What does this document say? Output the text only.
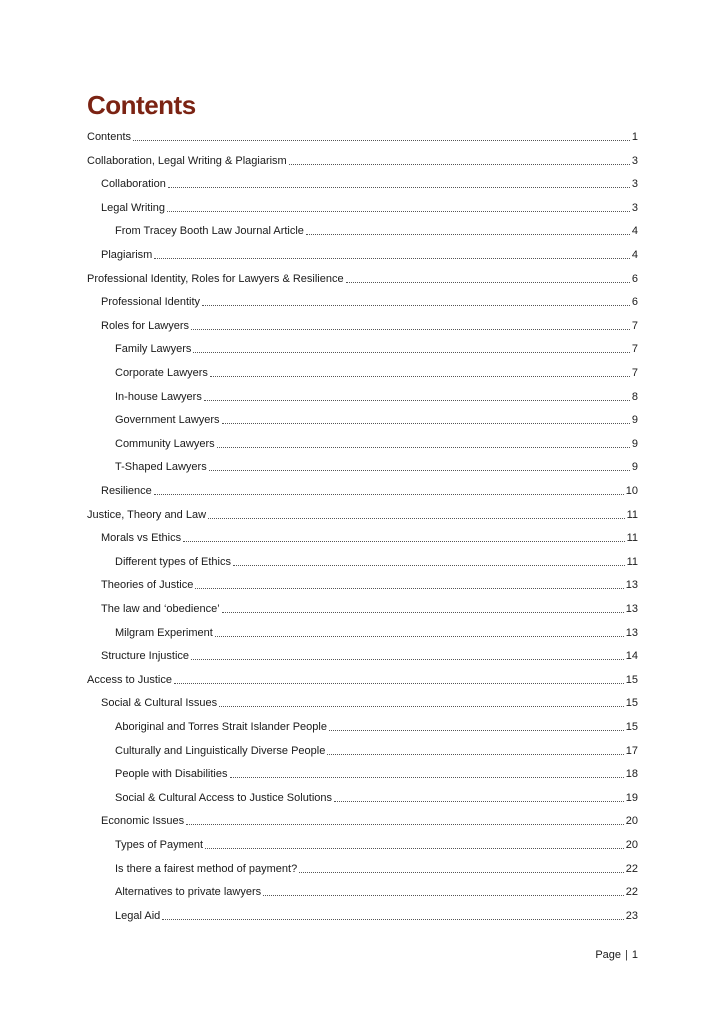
Contents
Contents	1
Collaboration, Legal Writing & Plagiarism	3
Collaboration	3
Legal Writing	3
From Tracey Booth Law Journal Article	4
Plagiarism	4
Professional Identity, Roles for Lawyers & Resilience	6
Professional Identity	6
Roles for Lawyers	7
Family Lawyers	7
Corporate Lawyers	7
In-house Lawyers	8
Government Lawyers	9
Community Lawyers	9
T-Shaped Lawyers	9
Resilience	10
Justice, Theory and Law	11
Morals vs Ethics	11
Different types of Ethics	11
Theories of Justice	13
The law and ‘obedience’	13
Milgram Experiment	13
Structure Injustice	14
Access to Justice	15
Social & Cultural Issues	15
Aboriginal and Torres Strait Islander People	15
Culturally and Linguistically Diverse People	17
People with Disabilities	18
Social & Cultural Access to Justice Solutions	19
Economic Issues	20
Types of Payment	20
Is there a fairest method of payment?	22
Alternatives to private lawyers	22
Legal Aid	23
Page | 1
